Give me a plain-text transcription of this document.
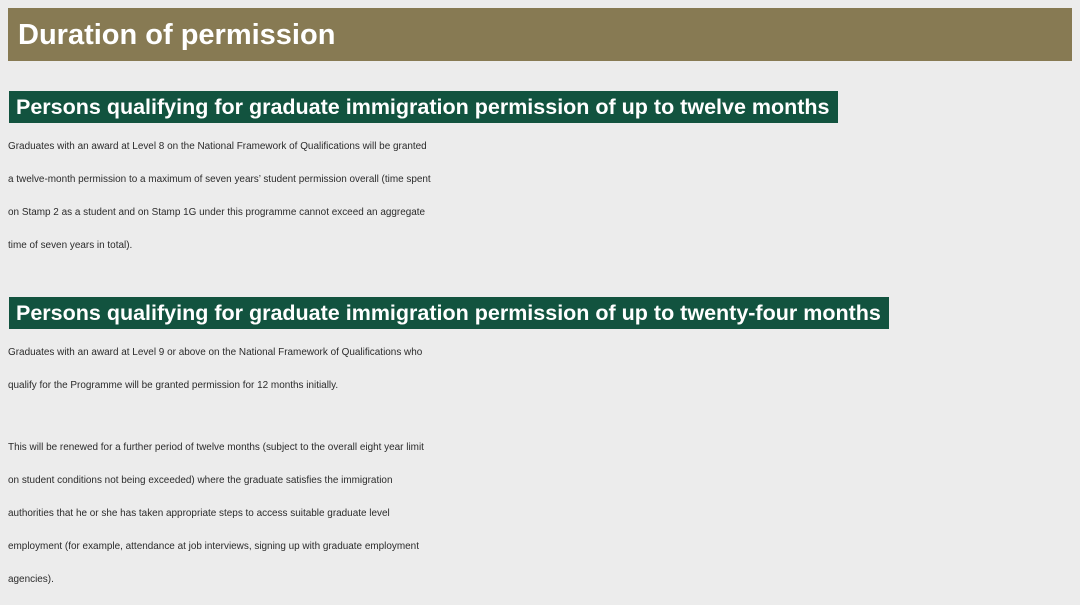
Duration of permission
Persons qualifying for graduate immigration permission of up to twelve months

Graduates with an award at Level 8 on the National Framework of Qualifications will be granted
a twelve-month permission to a maximum of seven years’ student permission overall (time spent
on Stamp 2 as a student and on Stamp 1G under this programme cannot exceed an aggregate
time of seven years in total).

Persons qualifying for graduate immigration permission of up to twenty-four months

Graduates with an award at Level 9 or above on the National Framework of Qualifications who
qualify for the Programme will be granted permission for 12 months initially.

This will be renewed for a further period of twelve months (subject to the overall eight year limit
on student conditions not being exceeded) where the graduate satisfies the immigration
authorities that he or she has taken appropriate steps to access suitable graduate level
employment (for example, attendance at job interviews, signing up with graduate employment
agencies).
